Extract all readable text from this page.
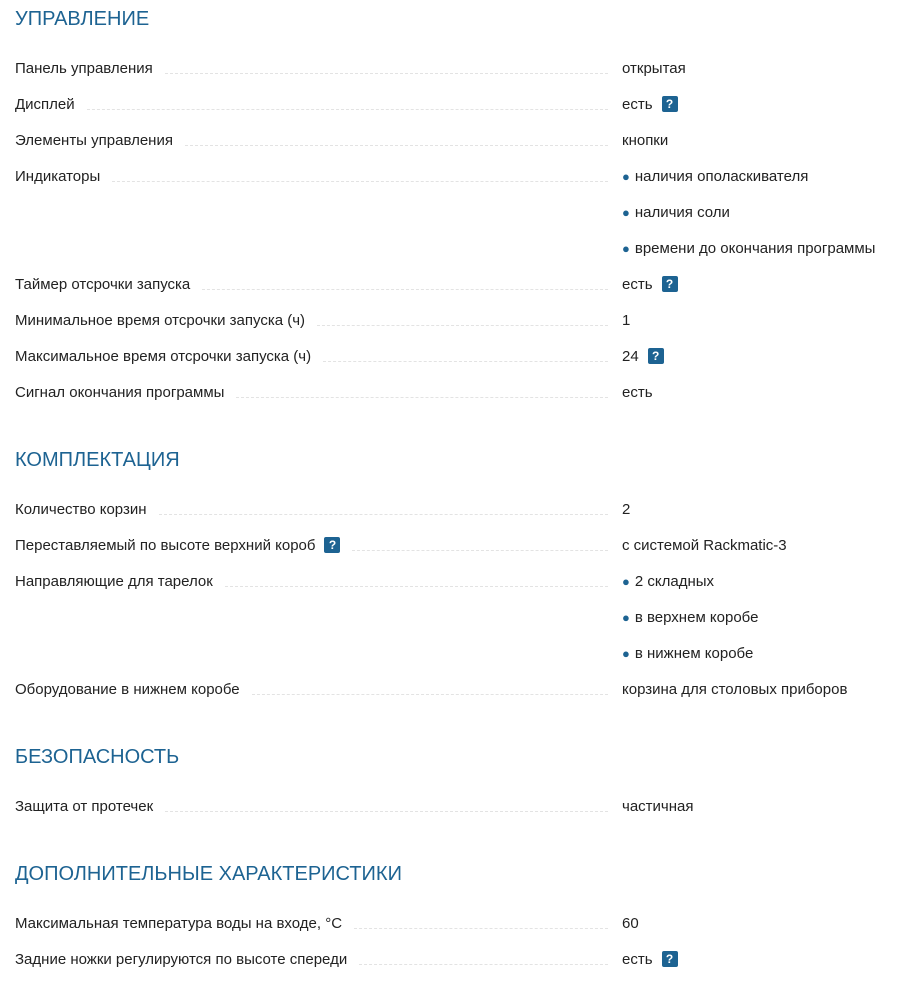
УПРАВЛЕНИЕ
Панель управления	открытая
Дисплей	есть	?
Элементы управления	кнопки
Индикаторы	● наличия ополаскивателя
● наличия соли
● времени до окончания программы
Таймер отсрочки запуска	есть	?
Минимальное время отсрочки запуска (ч)	1
Максимальное время отсрочки запуска (ч)	24	?
Сигнал окончания программы	есть
КОМПЛЕКТАЦИЯ
Количество корзин	2
Переставляемый по высоте верхний короб	?	с системой Rackmatic-3
Направляющие для тарелок	● 2 складных
● в верхнем коробе
● в нижнем коробе
Оборудование в нижнем коробе	корзина для столовых приборов
БЕЗОПАСНОСТЬ
Защита от протечек	частичная
ДОПОЛНИТЕЛЬНЫЕ ХАРАКТЕРИСТИКИ
Максимальная температура воды на входе, °C	60
Задние ножки регулируются по высоте спереди	есть	?
